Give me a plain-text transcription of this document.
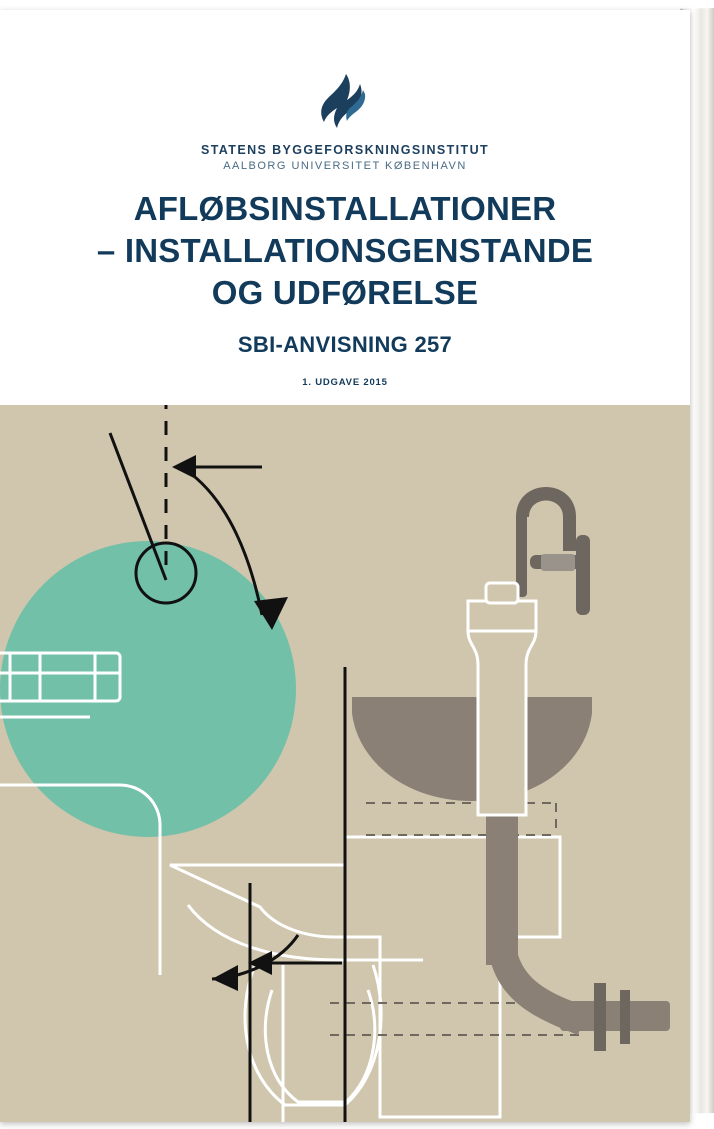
STATENS BYGGEFORSKNINGSINSTITUT
AALBORG UNIVERSITET KØBENHAVN
AFLØBSINSTALLATIONER
– INSTALLATIONSGENSTANDE
OG UDFØRELSE
SBI-ANVISNING 257
1. UDGAVE 2015
